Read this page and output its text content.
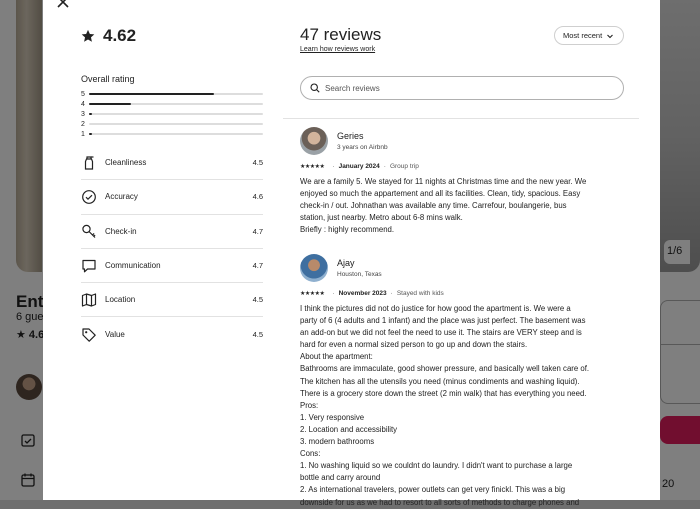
4.62
Overall rating
5
4
3
2
1
Cleanliness	4.5
Accuracy	4.6
Check-in	4.7
Communication	4.7
Location	4.5
Value	4.5
47 reviews
Learn how reviews work
Most recent
Search reviews
Geries
3 years on Airbnb
★★★★★ · January 2024 · Group trip
We are a family 5. We stayed for 11 nights at Christmas time and the new year. We
enjoyed so much the appartement and all its facilities. Clean, tidy, spacious. Easy
check-in / out. Johnathan was available any time. Carrefour, boulangerie, bus
station, just nearby. Metro about 6-8 mins walk.
Briefly : highly recommend.
Ajay
Houston, Texas
★★★★★ · November 2023 · Stayed with kids
I think the pictures did not do justice for how good the apartment is. We were a
party of 6 (4 adults and 1 infant) and the place was just perfect. The basement was
an add-on but we did not feel the need to use it. The stairs are VERY steep and is
hard for even a normal sized person to go up and down the stairs.
About the apartment:
Bathrooms are immaculate, good shower pressure, and basically well taken care of.
The kitchen has all the utensils you need (minus condiments and washing liquid).
There is a grocery store down the street (2 min walk) that has everything you need.
Pros:
1. Very responsive
2. Location and accessibility
3. modern bathrooms
Cons:
1. No washing liquid so we couldnt do laundry. I didn't want to purchase a large
bottle and carry around
2. As international travelers, power outlets can get very finickl. This was a big
downside for us as we had to resort to all sorts of methods to charge phones and
